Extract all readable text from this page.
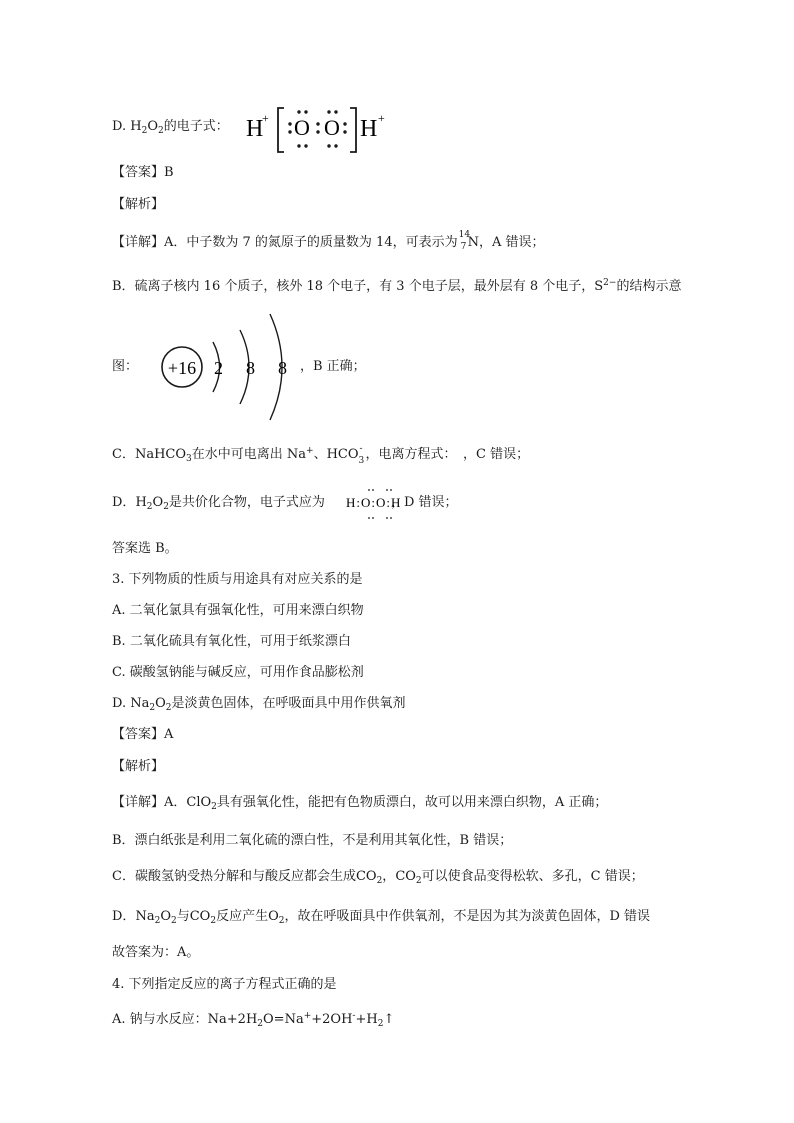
D. $H_2O_2$的电子式： H
+ O O H +
【答案】B
【解析】
【详解】A．中子数为 7 的氮原子的质量数为 14，可表示为 14
7 N，A 错误；
B．硫离子核内 16 个质子，核外 18 个电子，有 3 个电子层，最外层有 8 个电子，$S^{2-}$的结构示意
图： +16 2 8 8 ，B 正确；
C．NaHCO$_3$在水中可电离出 Na+、HCO -
3 ，电离方程式：　，C 错误；
D．$H_2O_2$是共价化合物，电子式应为	，D 错误；
H:O:O:H
答案选 B。
3. 下列物质的性质与用途具有对应关系的是
A. 二氧化氯具有强氧化性，可用来漂白织物
B. 二氧化硫具有氧化性，可用于纸浆漂白
C. 碳酸氢钠能与碱反应，可用作食品膨松剂
D. $Na_2O_2$是淡黄色固体，在呼吸面具中用作供氧剂
【答案】A
【解析】
【详解】A．ClO$_2$具有强氧化性，能把有色物质漂白，故可以用来漂白织物，A 正确；
B．漂白纸张是利用二氧化硫的漂白性，不是利用其氧化性，B 错误；
C．碳酸氢钠受热分解和与酸反应都会生成$CO_2$，$CO_2$可以使食品变得松软、多孔，C 错误；
D．$Na_2O_2$与$CO_2$反应产生$O_2$，故在呼吸面具中作供氧剂，不是因为其为淡黄色固体，D 错误
故答案为：A。
4. 下列指定反应的离子方程式正确的是
A. 钠与水反应：$Na+2H_2O=Na^++2OH^-+H_2↑$
